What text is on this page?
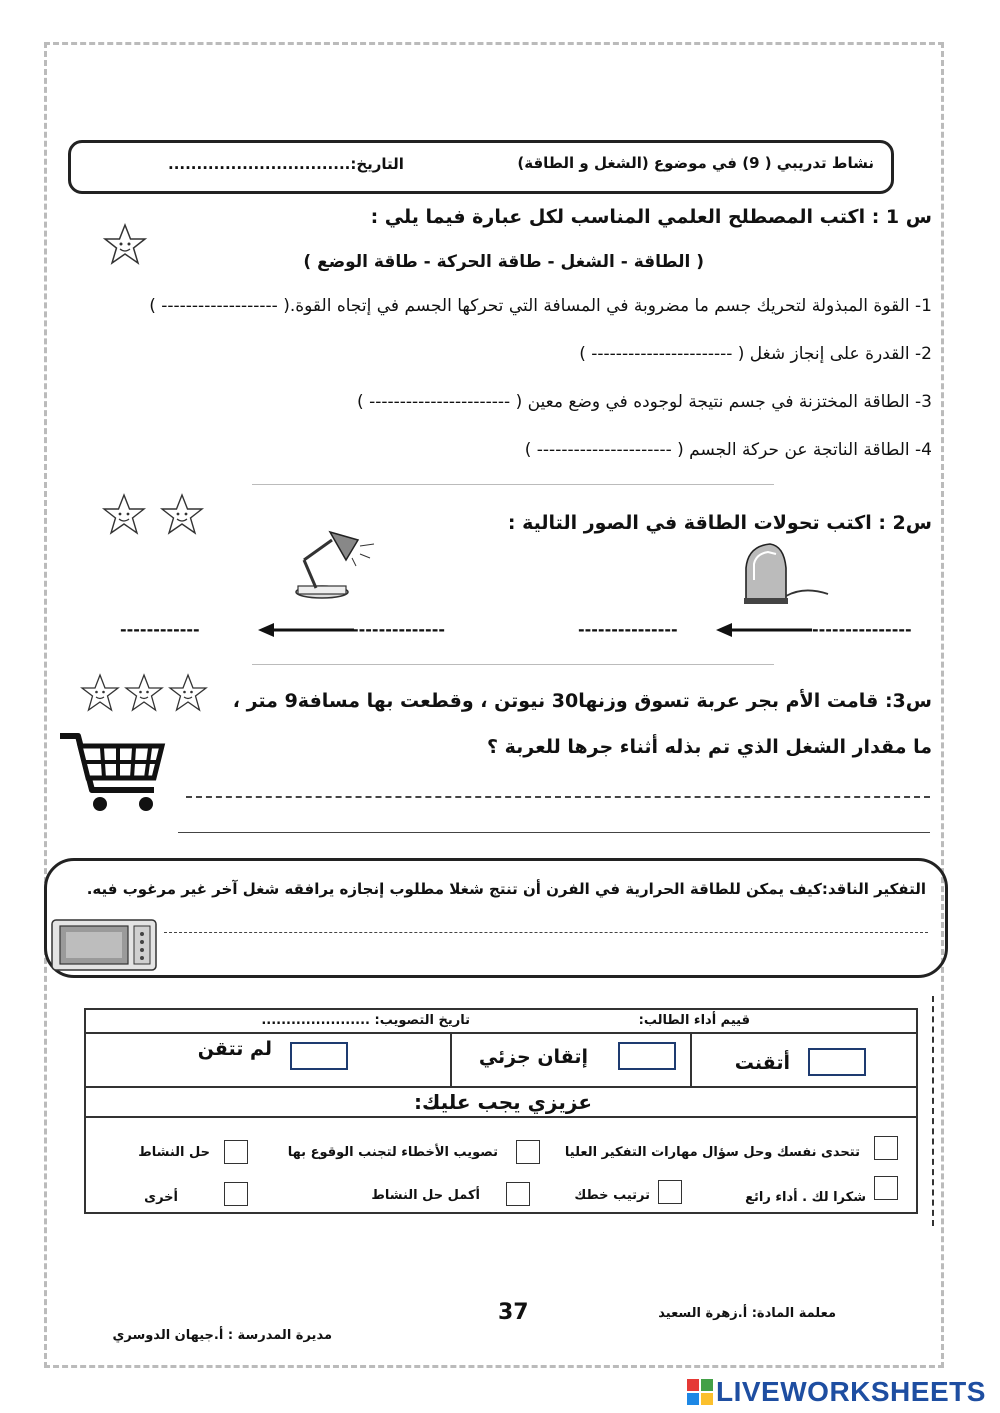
نشاط تدريبي ( 9) في موضوع (الشغل و الطاقة)
التاريخ:................................
س 1 : اكتب المصطلح العلمي المناسب لكل عبارة فيما يلي :
( الطاقة - الشغل - طاقة الحركة - طاقة الوضع )
1- القوة المبذولة لتحريك جسم ما مضروبة في المسافة التي تحركها الجسم في إتجاه القوة.( ------------------- )
2- القدرة على إنجاز شغل ( ----------------------- )
3- الطاقة المختزنة في جسم نتيجة لوجوده في وضع معين ( ----------------------- )
4- الطاقة الناتجة عن حركة الجسم ( ---------------------- )
س2 : اكتب تحولات الطاقة في الصور التالية :
---------------	---------------
------------	--------------
س3: قامت الأم بجر عربة تسوق وزنها30 نيوتن ، وقطعت بها مسافة9 متر ،
ما مقدار الشغل الذي تم بذله أثناء جرها للعربة ؟
التفكير الناقد:كيف يمكن للطاقة الحرارية في الفرن أن تنتج شغلا مطلوب إنجازه يرافقه شغل آخر غير مرغوب فيه.
قييم أداء الطالب:
تاريخ التصويب: ......................
أتقنت
إتقان جزئي
لم تتقن
عزيزي يجب عليك:
تتحدى نفسك وحل سؤال مهارات التفكير العليا
تصويب الأخطاء لتجنب الوقوع بها
حل النشاط
شكرا لك . أداء رائع
ترتيب خطك
أكمل حل النشاط
أخرى
معلمة المادة: أ.زهرة السعيد
37
مديرة المدرسة : أ.جيهان الدوسري
LIVEWORKSHEETS
